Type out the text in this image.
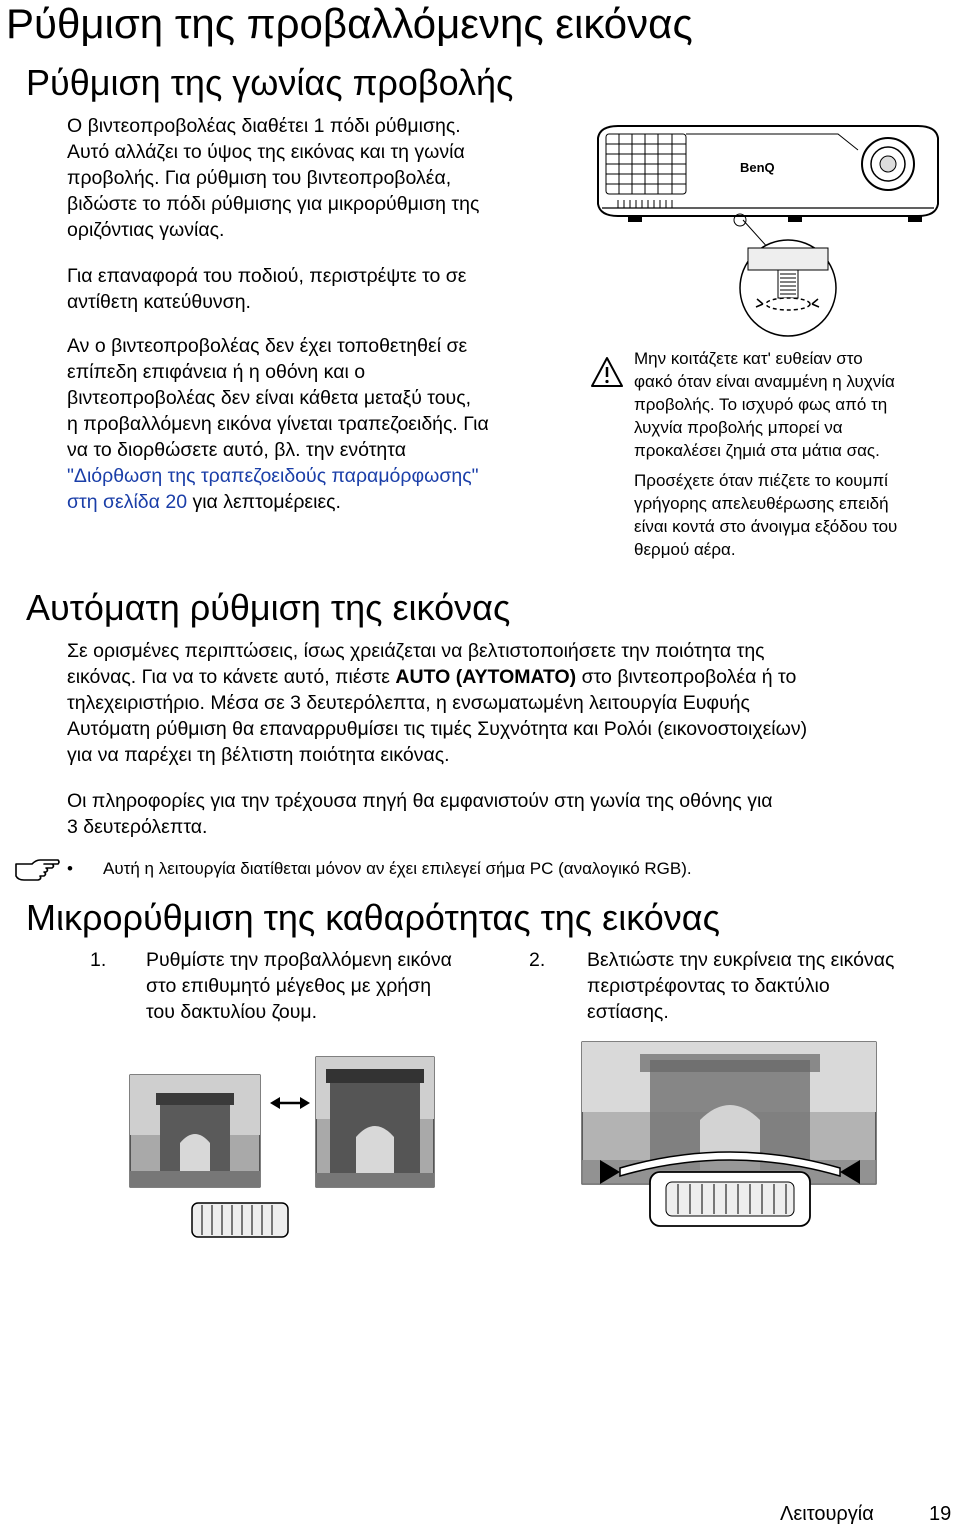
Ρύθμιση της προβαλλόμενης εικόνας
Ρύθμιση της γωνίας προβολής
Ο βιντεοπροβολέας διαθέτει 1 πόδι ρύθμισης.
Αυτό αλλάζει το ύψος της εικόνας και τη γωνία
προβολής. Για ρύθμιση του βιντεοπροβολέα,
βιδώστε το πόδι ρύθμισης για μικρορύθμιση της
οριζόντιας γωνίας.
Για επαναφορά του ποδιού, περιστρέψτε το σε
αντίθετη κατεύθυνση.
Αν ο βιντεοπροβολέας δεν έχει τοποθετηθεί σε
επίπεδη επιφάνεια ή η οθόνη και ο
βιντεοπροβολέας δεν είναι κάθετα μεταξύ τους,
η προβαλλόμενη εικόνα γίνεται τραπεζοειδής. Για
να το διορθώσετε αυτό, βλ. την ενότητα
"Διόρθωση της τραπεζοειδούς παραμόρφωσης"
στη σελίδα 20 για λεπτομέρειες.
BenQ
Μην κοιτάζετε κατ' ευθείαν στο
φακό όταν είναι αναμμένη η λυχνία
προβολής. Το ισχυρό φως από τη
λυχνία προβολής μπορεί να
προκαλέσει ζημιά στα μάτια σας.
Προσέχετε όταν πιέζετε το κουμπί
γρήγορης απελευθέρωσης επειδή
είναι κοντά στο άνοιγμα εξόδου του
θερμού αέρα.
Αυτόματη ρύθμιση της εικόνας
Σε ορισμένες περιπτώσεις, ίσως χρειάζεται να βελτιστοποιήσετε την ποιότητα της
εικόνας. Για να το κάνετε αυτό, πιέστε AUTO (ΑΥΤΟΜΑΤΟ) στο βιντεοπροβολέα ή το
τηλεχειριστήριο. Μέσα σε 3 δευτερόλεπτα, η ενσωματωμένη λειτουργία Ευφυής
Αυτόματη ρύθμιση θα επαναρρυθμίσει τις τιμές Συχνότητα και Ρολόι (εικονοστοιχείων)
για να παρέχει τη βέλτιστη ποιότητα εικόνας.
Οι πληροφορίες για την τρέχουσα πηγή θα εμφανιστούν στη γωνία της οθόνης για
3 δευτερόλεπτα.
• Αυτή η λειτουργία διατίθεται μόνον αν έχει επιλεγεί σήμα PC (αναλογικό RGB).
Μικρορύθμιση της καθαρότητας της εικόνας
1. Ρυθμίστε την προβαλλόμενη εικόνα
στο επιθυμητό μέγεθος με χρήση
του δακτυλίου ζουμ.
2. Βελτιώστε την ευκρίνεια της εικόνας
περιστρέφοντας το δακτύλιο
εστίασης.
Λειτουργία	19
